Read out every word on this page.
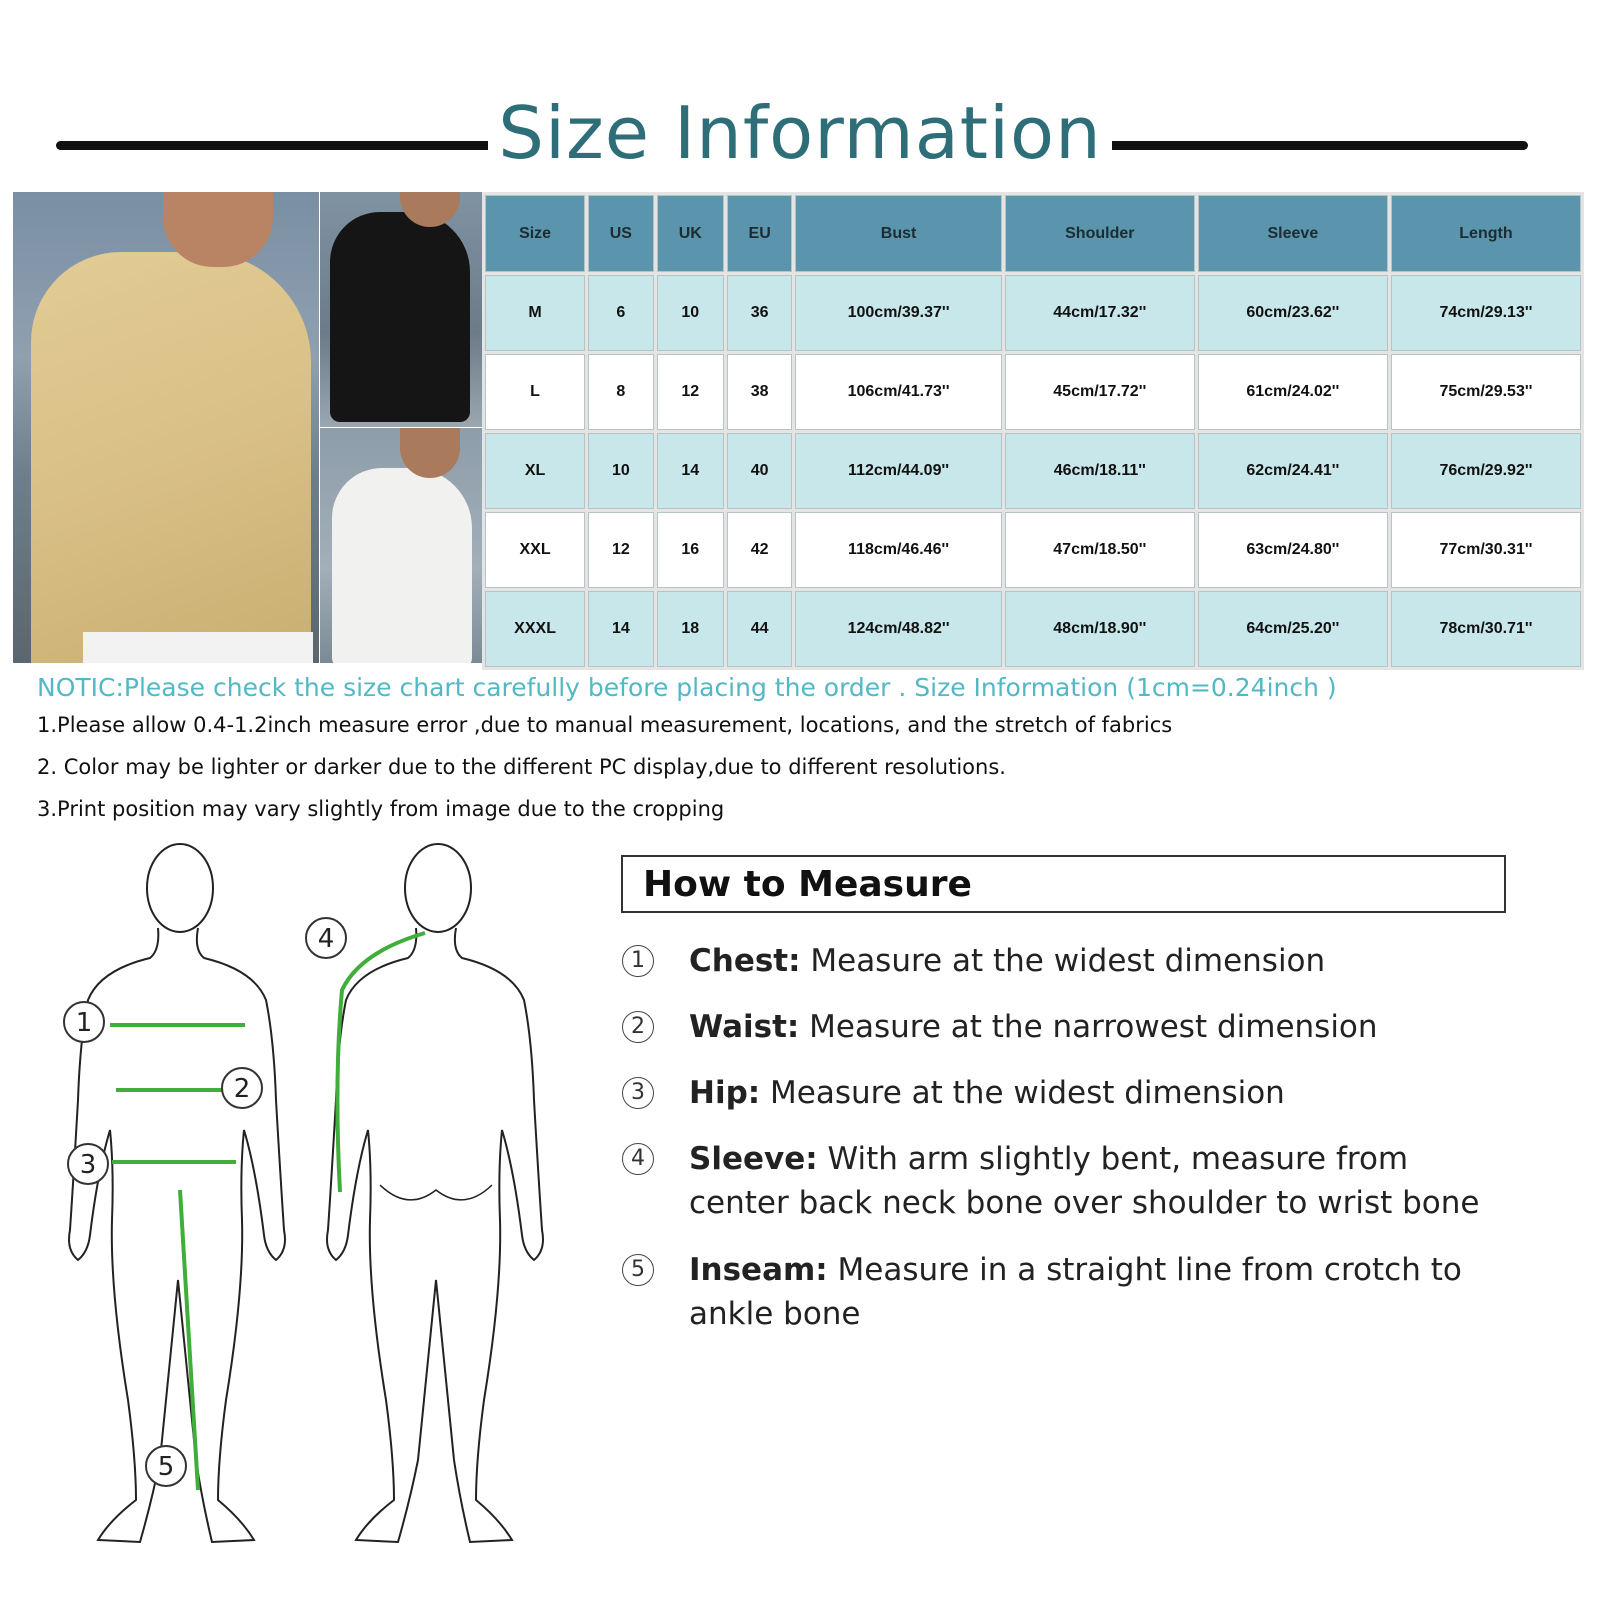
Size Information
Size	US	UK	EU	Bust	Shoulder	Sleeve	Length
M	6	10	36	100cm/39.37''	44cm/17.32''	60cm/23.62''	74cm/29.13''
L	8	12	38	106cm/41.73''	45cm/17.72''	61cm/24.02''	75cm/29.53''
XL	10	14	40	112cm/44.09''	46cm/18.11''	62cm/24.41''	76cm/29.92''
XXL	12	16	42	118cm/46.46''	47cm/18.50''	63cm/24.80''	77cm/30.31''
XXXL	14	18	44	124cm/48.82''	48cm/18.90''	64cm/25.20''	78cm/30.71''
NOTIC:Please check the size chart carefully before placing the order . Size Information (1cm=0.24inch )
1.Please allow 0.4-1.2inch measure error ,due to manual measurement, locations, and the stretch of fabrics
2. Color may be lighter or darker due to the different PC display,due to different resolutions.
3.Print position may vary slightly from image due to the cropping
1
2
3
4
5
How to Measure
1 Chest: Measure at the widest dimension
2 Waist: Measure at the narrowest dimension
3 Hip: Measure at the widest dimension
4 Sleeve: With arm slightly bent, measure from center back neck bone over shoulder to wrist bone
5 Inseam: Measure in a straight line from crotch to ankle bone
